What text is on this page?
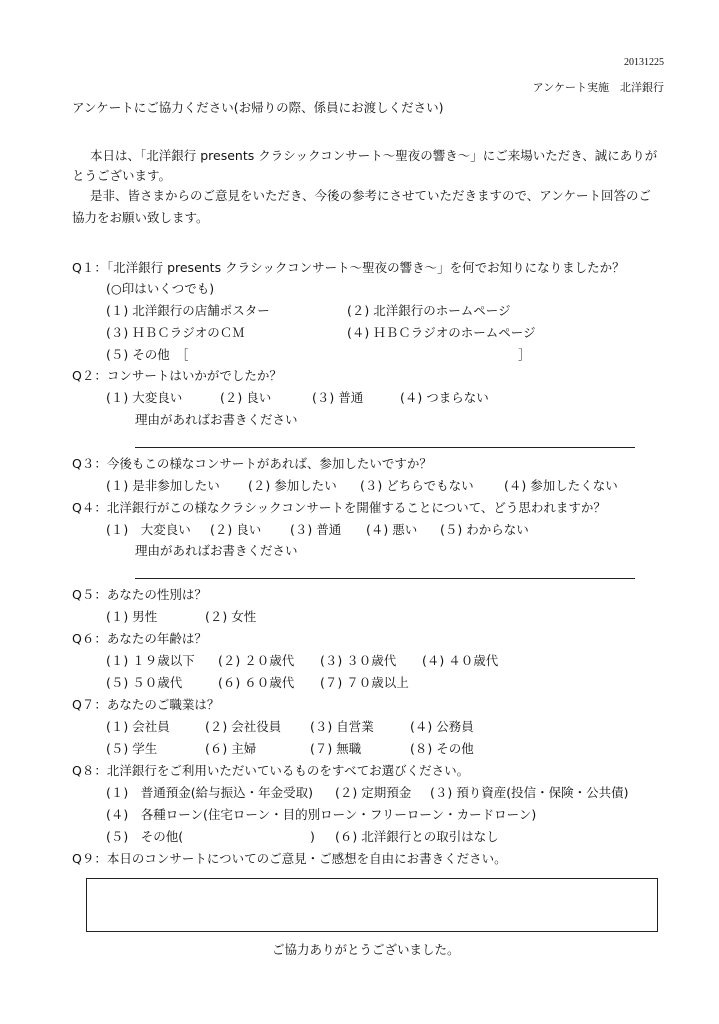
20131225
アンケート実施　北洋銀行
アンケートにご協力ください(お帰りの際、係員にお渡しください)
本日は、「北洋銀行 presents クラシックコンサート〜聖夜の響き〜」にご来場いただき、誠にありが
とうございます。
是非、皆さまからのご意見をいただき、今後の参考にさせていただきますので、アンケート回答のご
協力をお願い致します。
Q１：「北洋銀行 presents クラシックコンサート〜聖夜の響き〜」を何でお知りになりましたか？
(○印はいくつでも)
(１) 北洋銀行の店舗ポスター	(２) 北洋銀行のホームページ
(３) ＨＢＣラジオのＣＭ	(４) ＨＢＣラジオのホームページ
(５) その他　［	］
Q２：コンサートはいかがでしたか？
(１) 大変良い	(２) 良い	(３) 普通	(４) つまらない
理由があればお書きください
Q３：今後もこの様なコンサートがあれば、参加したいですか？
(１) 是非参加したい (２) 参加したい (３) どちらでもない (４) 参加したくない
Q４：北洋銀行がこの様なクラシックコンサートを開催することについて、どう思われますか？
(１)　大変良い (２) 良い (３) 普通 (４) 悪い (５) わからない
理由があればお書きください
Q５：あなたの性別は？
(１) 男性	(２) 女性
Q６：あなたの年齢は？
(１) １９歳以下 (２) ２０歳代 (３) ３０歳代 (４) ４０歳代
(５) ５０歳代	(６) ６０歳代 (７) ７０歳以上
Q７：あなたのご職業は？
(１) 会社員	(２) 会社役員 (３) 自営業	(４) 公務員
(５) 学生	(６) 主婦	(７) 無職	(８) その他
Q８：北洋銀行をご利用いただいているものをすべてお選びください。
(１)　普通預金(給与振込・年金受取) (２) 定期預金 (３) 預り資産(投信・保険・公共債)
(４)　各種ローン(住宅ローン・目的別ローン・フリーローン・カードローン)
(５)　その他(	) (６) 北洋銀行との取引はなし
Q９：本日のコンサートについてのご意見・ご感想を自由にお書きください。
ご協力ありがとうございました。
